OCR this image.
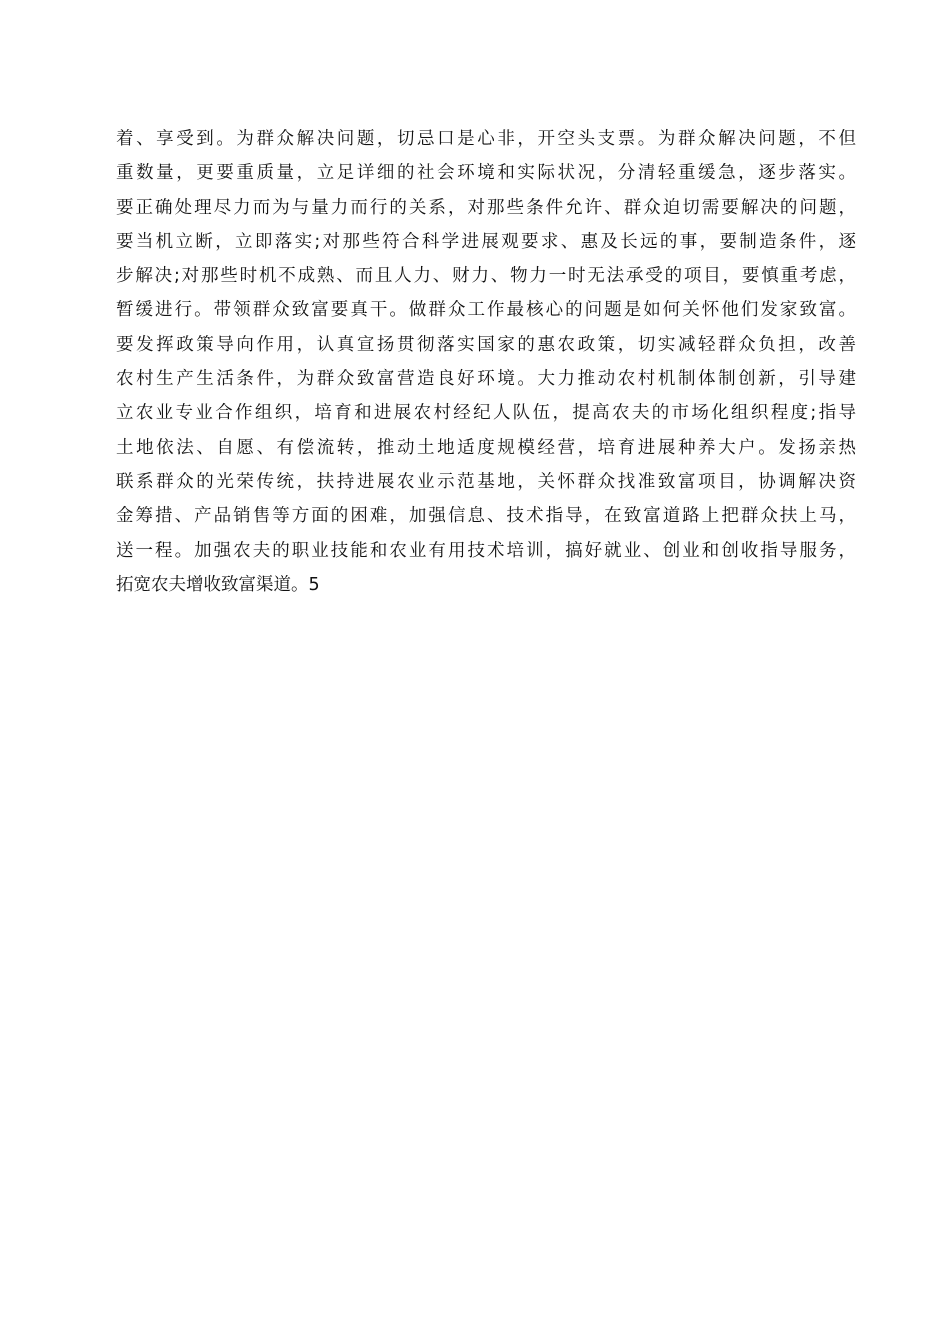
着、享受到。为群众解决问题，切忌口是心非，开空头支票。为群众解决问题，不但
重数量，更要重质量，立足详细的社会环境和实际状况，分清轻重缓急，逐步落实。
要正确处理尽力而为与量力而行的关系，对那些条件允许、群众迫切需要解决的问题，
要当机立断，立即落实;对那些符合科学进展观要求、惠及长远的事，要制造条件，逐
步解决;对那些时机不成熟、而且人力、财力、物力一时无法承受的项目，要慎重考虑，
暂缓进行。带领群众致富要真干。做群众工作最核心的问题是如何关怀他们发家致富。
要发挥政策导向作用，认真宣扬贯彻落实国家的惠农政策，切实减轻群众负担，改善
农村生产生活条件，为群众致富营造良好环境。大力推动农村机制体制创新，引导建
立农业专业合作组织，培育和进展农村经纪人队伍，提高农夫的市场化组织程度;指导
土地依法、自愿、有偿流转，推动土地适度规模经营，培育进展种养大户。发扬亲热
联系群众的光荣传统，扶持进展农业示范基地，关怀群众找准致富项目，协调解决资
金筹措、产品销售等方面的困难，加强信息、技术指导，在致富道路上把群众扶上马，
送一程。加强农夫的职业技能和农业有用技术培训，搞好就业、创业和创收指导服务，
拓宽农夫增收致富渠道。5
